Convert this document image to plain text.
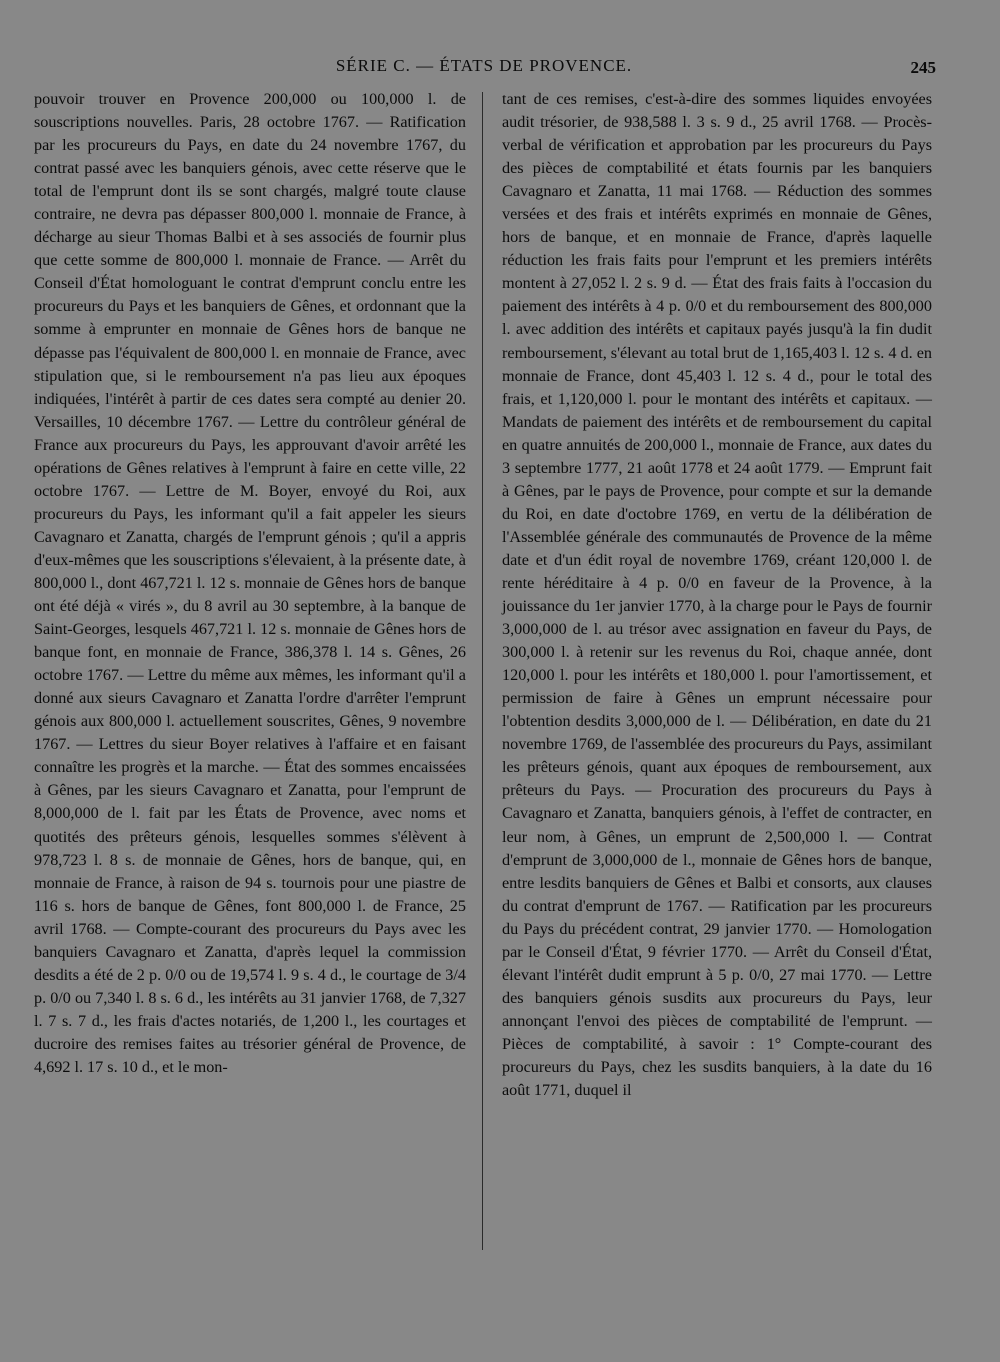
SÉRIE C. — ÉTATS DE PROVENCE.	245

pouvoir trouver en Provence 200,000 ou 100,000 l. de souscriptions nouvelles. Paris, 28 octobre 1767. — Ratification par les procureurs du Pays, en date du 24 novembre 1767, du contrat passé avec les banquiers génois, avec cette réserve que le total de l'emprunt dont ils se sont chargés, malgré toute clause contraire, ne devra pas dépasser 800,000 l. monnaie de France, à décharge au sieur Thomas Balbi et à ses associés de fournir plus que cette somme de 800,000 l. monnaie de France. — Arrêt du Conseil d'État homologuant le contrat d'emprunt conclu entre les procureurs du Pays et les banquiers de Gênes, et ordonnant que la somme à emprunter en monnaie de Gênes hors de banque ne dépasse pas l'équivalent de 800,000 l. en monnaie de France, avec stipulation que, si le remboursement n'a pas lieu aux époques indiquées, l'intérêt à partir de ces dates sera compté au denier 20. Versailles, 10 décembre 1767. — Lettre du contrôleur général de France aux procureurs du Pays, les approuvant d'avoir arrêté les opérations de Gênes relatives à l'emprunt à faire en cette ville, 22 octobre 1767. — Lettre de M. Boyer, envoyé du Roi, aux procureurs du Pays, les informant qu'il a fait appeler les sieurs Cavagnaro et Zanatta, chargés de l'emprunt génois ; qu'il a appris d'eux-mêmes que les souscriptions s'élevaient, à la présente date, à 800,000 l., dont 467,721 l. 12 s. monnaie de Gênes hors de banque ont été déjà « virés », du 8 avril au 30 septembre, à la banque de Saint-Georges, lesquels 467,721 l. 12 s. monnaie de Gênes hors de banque font, en monnaie de France, 386,378 l. 14 s. Gênes, 26 octobre 1767. — Lettre du même aux mêmes, les informant qu'il a donné aux sieurs Cavagnaro et Zanatta l'ordre d'arrêter l'emprunt génois aux 800,000 l. actuellement souscrites, Gênes, 9 novembre 1767. — Lettres du sieur Boyer relatives à l'affaire et en faisant connaître les progrès et la marche. — État des sommes encaissées à Gênes, par les sieurs Cavagnaro et Zanatta, pour l'emprunt de 8,000,000 de l. fait par les États de Provence, avec noms et quotités des prêteurs génois, lesquelles sommes s'élèvent à 978,723 l. 8 s. de monnaie de Gênes, hors de banque, qui, en monnaie de France, à raison de 94 s. tournois pour une piastre de 116 s. hors de banque de Gênes, font 800,000 l. de France, 25 avril 1768. — Compte-courant des procureurs du Pays avec les banquiers Cavagnaro et Zanatta, d'après lequel la commission desdits a été de 2 p. 0/0 ou de 19,574 l. 9 s. 4 d., le courtage de 3/4 p. 0/0 ou 7,340 l. 8 s. 6 d., les intérêts au 31 janvier 1768, de 7,327 l. 7 s. 7 d., les frais d'actes notariés, de 1,200 l., les courtages et ducroire des remises faites au trésorier général de Provence, de 4,692 l. 17 s. 10 d., et le mon-

tant de ces remises, c'est-à-dire des sommes liquides envoyées audit trésorier, de 938,588 l. 3 s. 9 d., 25 avril 1768. — Procès-verbal de vérification et approbation par les procureurs du Pays des pièces de comptabilité et états fournis par les banquiers Cavagnaro et Zanatta, 11 mai 1768. — Réduction des sommes versées et des frais et intérêts exprimés en monnaie de Gênes, hors de banque, et en monnaie de France, d'après laquelle réduction les frais faits pour l'emprunt et les premiers intérêts montent à 27,052 l. 2 s. 9 d. — État des frais faits à l'occasion du paiement des intérêts à 4 p. 0/0 et du remboursement des 800,000 l. avec addition des intérêts et capitaux payés jusqu'à la fin dudit remboursement, s'élevant au total brut de 1,165,403 l. 12 s. 4 d. en monnaie de France, dont 45,403 l. 12 s. 4 d., pour le total des frais, et 1,120,000 l. pour le montant des intérêts et capitaux. — Mandats de paiement des intérêts et de remboursement du capital en quatre annuités de 200,000 l., monnaie de France, aux dates du 3 septembre 1777, 21 août 1778 et 24 août 1779. — Emprunt fait à Gênes, par le pays de Provence, pour compte et sur la demande du Roi, en date d'octobre 1769, en vertu de la délibération de l'Assemblée générale des communautés de Provence de la même date et d'un édit royal de novembre 1769, créant 120,000 l. de rente héréditaire à 4 p. 0/0 en faveur de la Provence, à la jouissance du 1er janvier 1770, à la charge pour le Pays de fournir 3,000,000 de l. au trésor avec assignation en faveur du Pays, de 300,000 l. à retenir sur les revenus du Roi, chaque année, dont 120,000 l. pour les intérêts et 180,000 l. pour l'amortissement, et permission de faire à Gênes un emprunt nécessaire pour l'obtention desdits 3,000,000 de l. — Délibération, en date du 21 novembre 1769, de l'assemblée des procureurs du Pays, assimilant les prêteurs génois, quant aux époques de remboursement, aux prêteurs du Pays. — Procuration des procureurs du Pays à Cavagnaro et Zanatta, banquiers génois, à l'effet de contracter, en leur nom, à Gênes, un emprunt de 2,500,000 l. — Contrat d'emprunt de 3,000,000 de l., monnaie de Gênes hors de banque, entre lesdits banquiers de Gênes et Balbi et consorts, aux clauses du contrat d'emprunt de 1767. — Ratification par les procureurs du Pays du précédent contrat, 29 janvier 1770. — Homologation par le Conseil d'État, 9 février 1770. — Arrêt du Conseil d'État, élevant l'intérêt dudit emprunt à 5 p. 0/0, 27 mai 1770. — Lettre des banquiers génois susdits aux procureurs du Pays, leur annonçant l'envoi des pièces de comptabilité de l'emprunt. — Pièces de comptabilité, à savoir : 1° Compte-courant des procureurs du Pays, chez les susdits banquiers, à la date du 16 août 1771, duquel il
